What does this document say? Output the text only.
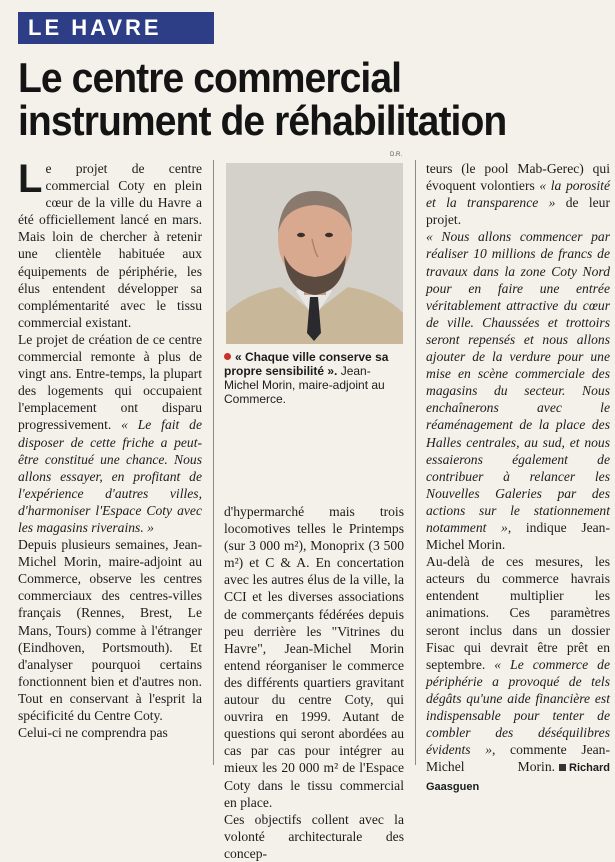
LE HAVRE
Le centre commercial
instrument de réhabilitation

Le projet de centre commercial Coty en plein cœur de la ville du Havre a été officiellement lancé en mars. Mais loin de chercher à retenir une clientèle habituée aux équipements de périphérie, les élus entendent développer sa complémentarité avec le tissu commercial existant.

Le projet de création de ce centre commercial remonte à plus de vingt ans. Entre-temps, la plupart des logements qui occupaient l'emplacement ont disparu progressivement. « Le fait de disposer de cette friche a peut-être constitué une chance. Nous allons essayer, en profitant de l'expérience d'autres villes, d'harmoniser l'Espace Coty avec les magasins riverains. »

Depuis plusieurs semaines, Jean-Michel Morin, maire-adjoint au Commerce, observe les centres commerciaux des centres-villes français (Rennes, Brest, Le Mans, Tours) comme à l'étranger (Eindhoven, Portsmouth). Et d'analyser pourquoi certains fonctionnent bien et d'autres non. Tout en conservant à l'esprit la spécificité du Centre Coty.

Celui-ci ne comprendra pas

D.R.
« Chaque ville conserve sa propre sensibilité ». Jean-Michel Morin, maire-adjoint au Commerce.

d'hypermarché mais trois locomotives telles le Printemps (sur 3 000 m²), Monoprix (3 500 m²) et C & A. En concertation avec les autres élus de la ville, la CCI et les diverses associations de commerçants fédérées depuis peu derrière les "Vitrines du Havre", Jean-Michel Morin entend réorganiser le commerce des différents quartiers gravitant autour du centre Coty, qui ouvrira en 1999. Autant de questions qui seront abordées au cas par cas pour intégrer au mieux les 20 000 m² de l'Espace Coty dans le tissu commercial en place.

Ces objectifs collent avec la volonté architecturale des concep-

teurs (le pool Mab-Gerec) qui évoquent volontiers « la porosité et la transparence » de leur projet.

« Nous allons commencer par réaliser 10 millions de francs de travaux dans la zone Coty Nord pour en faire une entrée véritablement attractive du cœur de ville. Chaussées et trottoirs seront repensés et nous allons ajouter de la verdure pour une mise en scène commerciale des magasins du secteur. Nous enchaînerons avec le réaménagement de la place des Halles centrales, au sud, et nous essaierons également de contribuer à relancer les Nouvelles Galeries par des actions sur le stationnement notamment », indique Jean-Michel Morin.

Au-delà de ces mesures, les acteurs du commerce havrais entendent multiplier les animations. Ces paramètres seront inclus dans un dossier Fisac qui devrait être prêt en septembre. « Le commerce de périphérie a provoqué de tels dégâts qu'une aide financière est indispensable pour tenter de combler des déséquilibres évidents », commente Jean-Michel Morin. Richard Gaasguen
